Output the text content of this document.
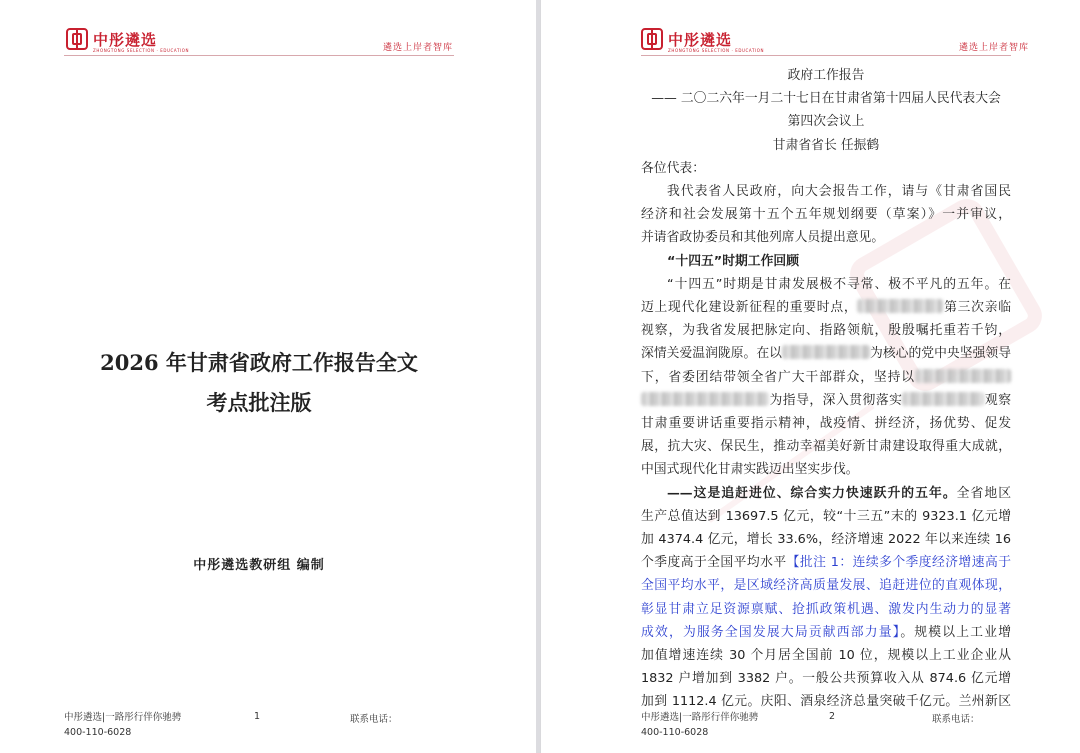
中彤遴选
ZHONGTONG SELECTION · EDUCATION	遴选上岸者智库
2026 年甘肃省政府工作报告全文
考点批注版
中彤遴选教研组 编制
中彤遴选|一路彤行伴你驰骋
400-110-6028
1	联系电话：
中彤遴选
ZHONGTONG SELECTION · EDUCATION	遴选上岸者智库
政府工作报告
—— 二〇二六年一月二十七日在甘肃省第十四届人民代表大会
第四次会议上
甘肃省省长 任振鹤

各位代表：

我代表省人民政府，向大会报告工作，请与《甘肃省国民
经济和社会发展第十五个五年规划纲要（草案）》一并审议，
并请省政协委员和其他列席人员提出意见。
“十四五”时期工作回顾
“十四五”时期是甘肃发展极不寻常、极不平凡的五年。在
迈上现代化建设新征程的重要时点，	第三次亲临
视察，为我省发展把脉定向、指路领航，殷殷嘱托重若千钧，
深情关爱温润陇原。在以	为核心的党中央坚强领导
下，省委团结带领全省广大干部群众，坚持以
为指导，深入贯彻落实	观察
甘肃重要讲话重要指示精神，战疫情、拼经济，扬优势、促发
展，抗大灾、保民生，推动幸福美好新甘肃建设取得重大成就，
中国式现代化甘肃实践迈出坚实步伐。
——这是追赶进位、综合实力快速跃升的五年。全省地区
生产总值达到 13697.5 亿元，较“十三五”末的 9323.1 亿元增
加 4374.4 亿元，增长 33.6%，经济增速 2022 年以来连续 16
个季度高于全国平均水平【批注 1：连续多个季度经济增速高于
全国平均水平，是区域经济高质量发展、追赶进位的直观体现，
彰显甘肃立足资源禀赋、抢抓政策机遇、激发内生动力的显著
成效，为服务全国发展大局贡献西部力量】。规模以上工业增
加值增速连续 30 个月居全国前 10 位，规模以上工业企业从
1832 户增加到 3382 户。一般公共预算收入从 874.6 亿元增
加到 1112.4 亿元。庆阳、酒泉经济总量突破千亿元。兰州新区
中彤遴选|一路彤行伴你驰骋
400-110-6028
2	联系电话：
